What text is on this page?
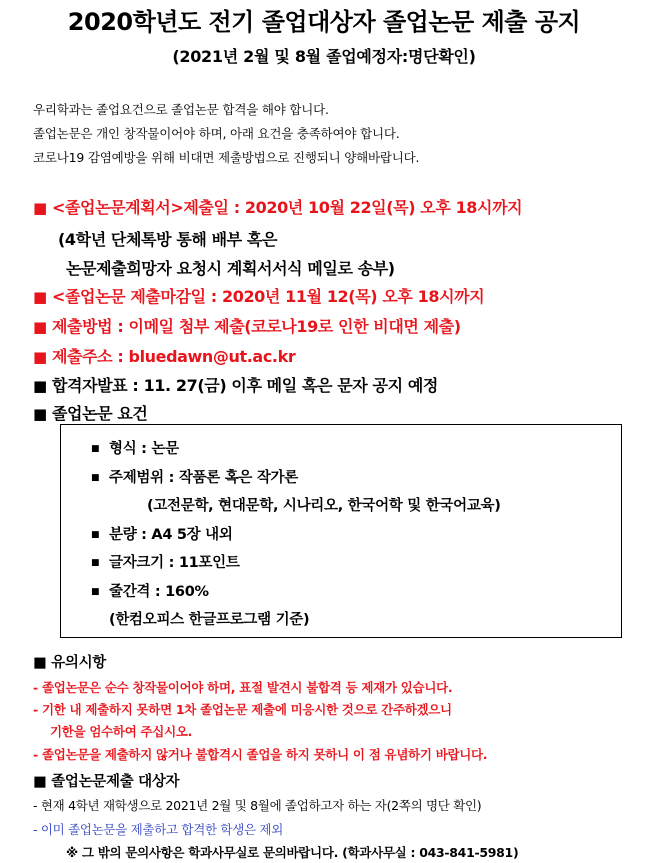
2020학년도 전기 졸업대상자 졸업논문 제출 공지
(2021년 2월 및 8월 졸업예정자:명단확인)
우리학과는 졸업요건으로 졸업논문 합격을 해야 합니다.
졸업논문은 개인 창작물이어야 하며, 아래 요건을 충족하여야 합니다.
코로나19 감염예방을 위해 비대면 제출방법으로 진행되니 양해바랍니다.
■ <졸업논문계획서>제출일 : 2020년 10월 22일(목) 오후 18시까지
(4학년 단체톡방 통해 배부 혹은
논문제출희망자 요청시 계획서서식 메일로 송부)
■ <졸업논문 제출마감일 : 2020년 11월 12(목) 오후 18시까지
■ 제출방법 : 이메일 첨부 제출(코로나19로 인한 비대면 제출)
■ 제출주소 : bluedawn@ut.ac.kr
■ 합격자발표 : 11. 27(금) 이후 메일 혹은 문자 공지 예정
■ 졸업논문 요건
■ 형식 : 논문
■ 주제범위 : 작품론 혹은 작가론
(고전문학, 현대문학, 시나리오, 한국어학 및 한국어교육)
■ 분량 : A4 5장 내외
■ 글자크기 : 11포인트
■ 줄간격 : 160%
(한컴오피스 한글프로그램 기준)
■ 유의시항
- 졸업논문은 순수 창작물이어야 하며, 표절 발견시 불합격 등 제재가 있습니다.
- 기한 내 제출하지 못하면 1차 졸업논문 제출에 미응시한 것으로 간주하겠으니
기한을 엄수하여 주십시오.
- 졸업논문을 제출하지 않거나 불합격시 졸업을 하지 못하니 이 점 유념하기 바랍니다.
■ 졸업논문제출 대상자
- 현재 4학년 재학생으로 2021년 2월 및 8월에 졸업하고자 하는 자(2쪽의 명단 확인)
- 이미 졸업논문을 제출하고 합격한 학생은 제외
※ 그 밖의 문의사항은 학과사무실로 문의바랍니다. (학과사무실 : 043-841-5981)
